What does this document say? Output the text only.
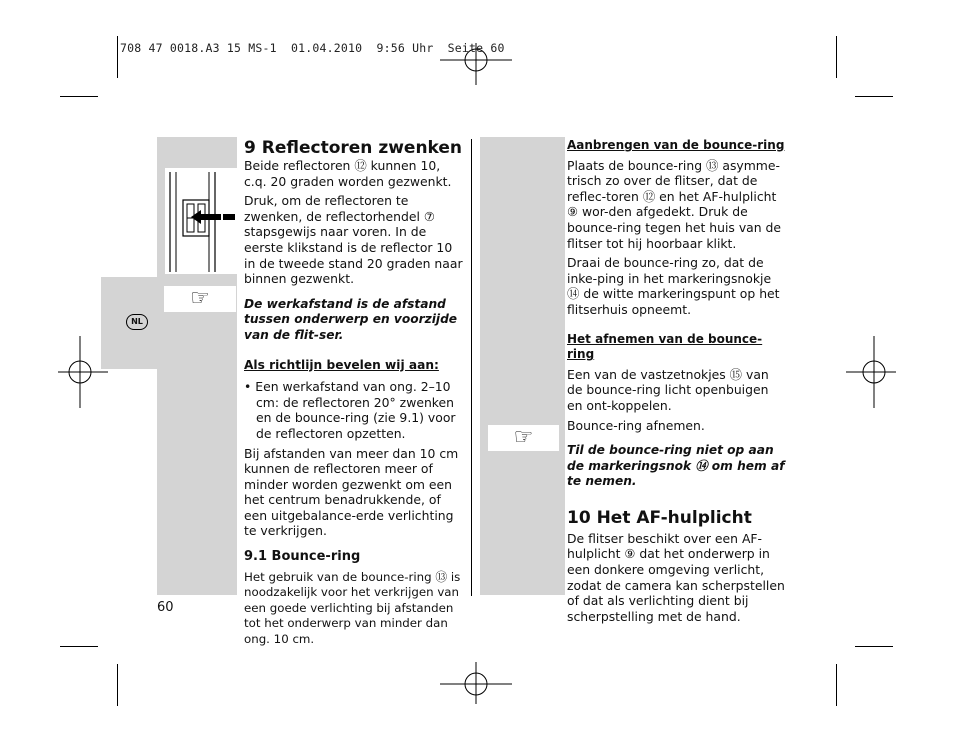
708 47 0018.A3 15 MS-1  01.04.2010  9:56 Uhr  Seite 60
☞
NL
☞
9 Reflectoren zwenken

Beide reflectoren ⑫ kunnen 10, c.q. 20 graden worden gezwenkt.

Druk, om de reflectoren te zwenken, de reflectorhendel ⑦ stapsgewijs naar voren. In de eerste klikstand is de reflector 10 in de tweede stand 20 graden naar binnen gezwenkt.

De werkafstand is de afstand tussen onderwerp en voorzijde van de flit-ser.

Als richtlijn bevelen wij aan:

• Een werkafstand van ong. 2–10 cm: de reflectoren 20° zwenken en de bounce-ring (zie 9.1) voor de reflectoren opzetten.

Bij afstanden van meer dan 10 cm kunnen de reflectoren meer of minder worden gezwenkt om een het centrum benadrukkende, of een uitgebalance-erde verlichting te verkrijgen.

9.1 Bounce-ring

Het gebruik van de bounce-ring ⑬ is noodzakelijk voor het verkrijgen van een goede verlichting bij afstanden tot het onderwerp van minder dan ong. 10 cm.

Aanbrengen van de bounce-ring

Plaats de bounce-ring ⑬ asymme-trisch zo over de flitser, dat de reflec-toren ⑫ en het AF-hulplicht ⑨ wor-den afgedekt. Druk de bounce-ring tegen het huis van de flitser tot hij hoorbaar klikt.

Draai de bounce-ring zo, dat de inke-ping in het markeringsnokje ⑭ de witte markeringspunt op het flitserhuis opneemt.

Het afnemen van de bounce-ring

Een van de vastzetnokjes ⑮ van de bounce-ring licht openbuigen en ont-koppelen.

Bounce-ring afnemen.

Til de bounce-ring niet op aan de markeringsnok ⑭ om hem af te nemen.

10 Het AF-hulplicht

De flitser beschikt over een AF-hulplicht ⑨ dat het onderwerp in een donkere omgeving verlicht, zodat de camera kan scherpstellen of dat als verlichting dient bij scherpstelling met de hand.

60
